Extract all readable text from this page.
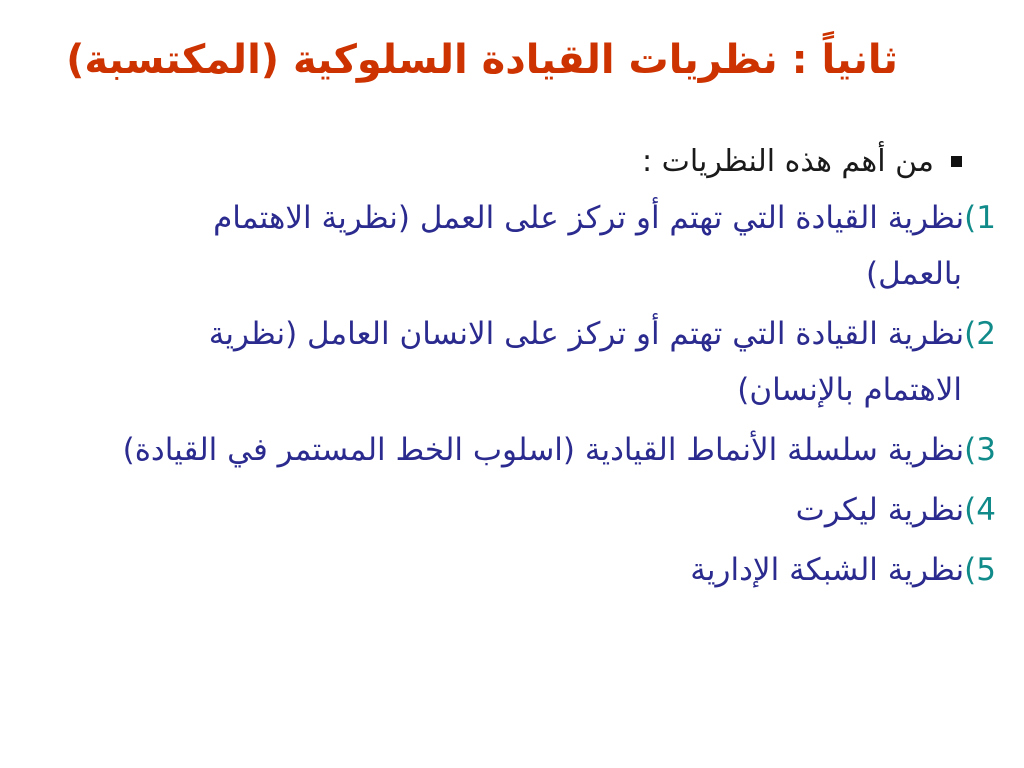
ثانياً : نظريات القيادة السلوكية (المكتسبة)
من أهم هذه النظريات :
1)نظرية القيادة التي تهتم أو تركز على العمل (نظرية الاهتمام
بالعمل)
2)نظرية القيادة التي تهتم أو تركز على الانسان العامل (نظرية
الاهتمام بالإنسان)
3)نظرية سلسلة الأنماط القيادية (اسلوب الخط المستمر في القيادة)
4)نظرية ليكرت
5)نظرية الشبكة الإدارية
